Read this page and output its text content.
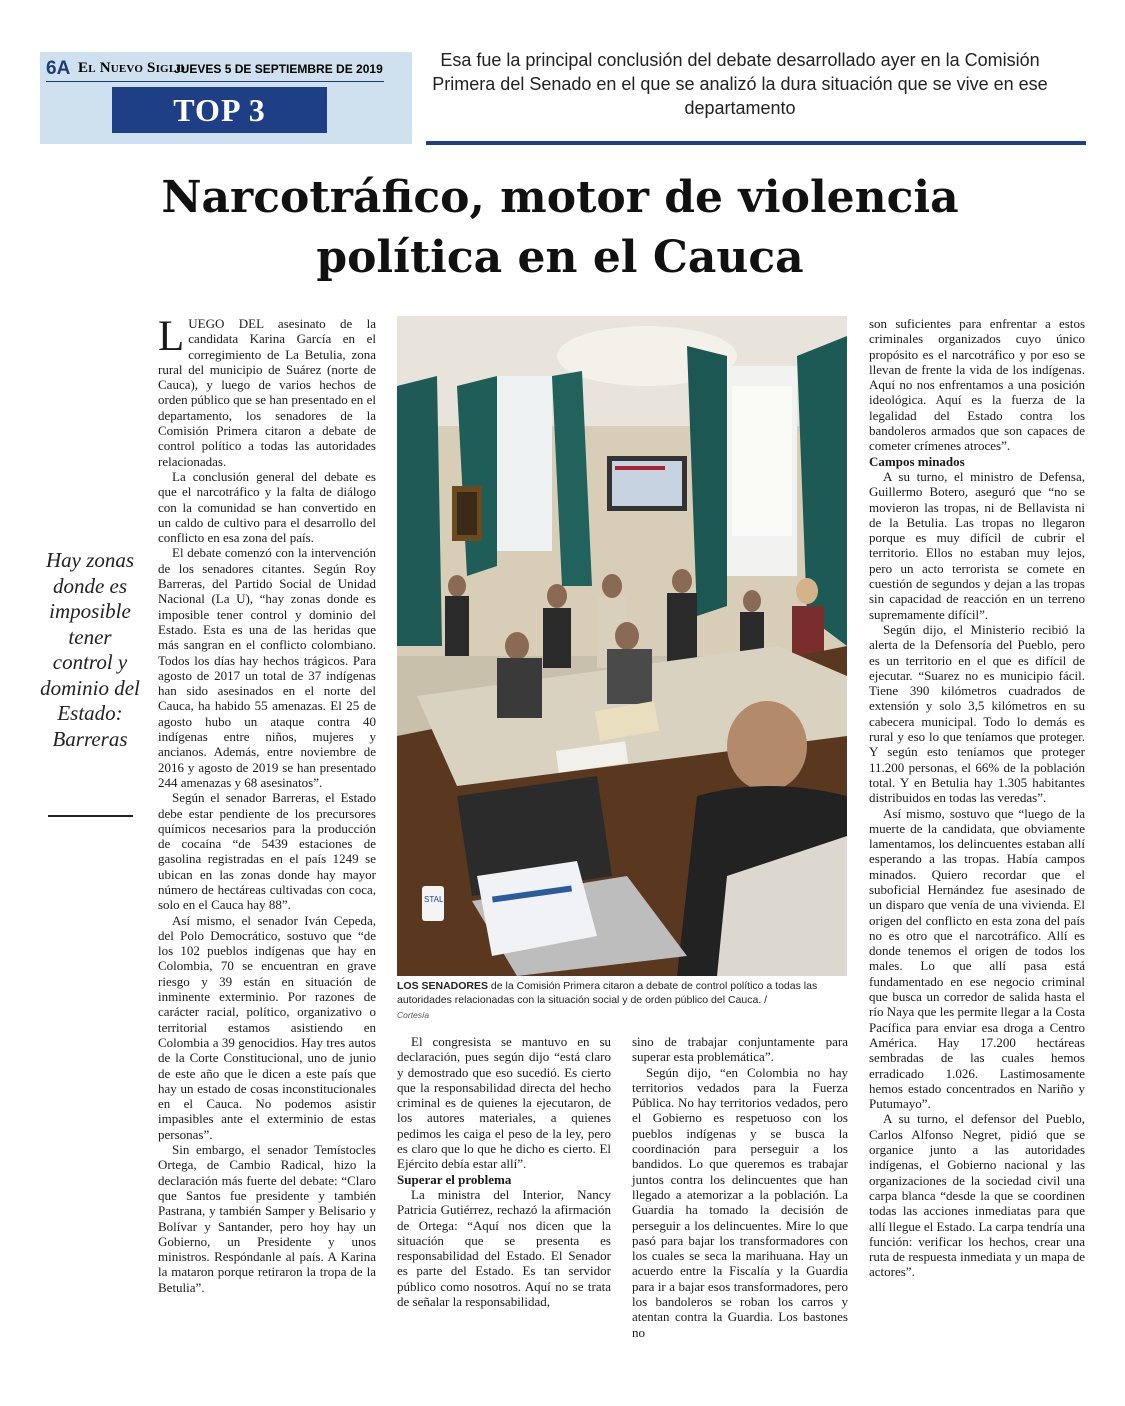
6A El Nuevo Siglo
JUEVES 5 DE SEPTIEMBRE DE 2019
TOP 3
Esa fue la principal conclusión del debate desarrollado ayer en la Comisión Primera del Senado en el que se analizó la dura situación que se vive en ese departamento
Narcotráfico, motor de violencia
política en el Cauca
Hay zonas donde es imposible tener control y dominio del Estado: Barreras

LUEGO DEL asesinato de la candidata Karina García en el corregimiento de La Betulia, zona rural del municipio de Suárez (norte de Cauca), y luego de varios hechos de orden público que se han presentado en el departamento, los senadores de la Comisión Primera citaron a debate de control político a todas las autoridades relacionadas.

La conclusión general del debate es que el narcotráfico y la falta de diálogo con la comunidad se han convertido en un caldo de cultivo para el desarrollo del conflicto en esa zona del país.

El debate comenzó con la intervención de los senadores citantes. Según Roy Barreras, del Partido Social de Unidad Nacional (La U), “hay zonas donde es imposible tener control y dominio del Estado. Esta es una de las heridas que más sangran en el conflicto colombiano. Todos los días hay hechos trágicos. Para agosto de 2017 un total de 37 indígenas han sido asesinados en el norte del Cauca, ha habido 55 amenazas. El 25 de agosto hubo un ataque contra 40 indígenas entre niños, mujeres y ancianos. Además, entre noviembre de 2016 y agosto de 2019 se han presentado 244 amenazas y 68 asesinatos”.

Según el senador Barreras, el Estado debe estar pendiente de los precursores químicos necesarios para la producción de cocaína “de 5439 estaciones de gasolina registradas en el país 1249 se ubican en las zonas donde hay mayor número de hectáreas cultivadas con coca, solo en el Cauca hay 88”.

Así mismo, el senador Iván Cepeda, del Polo Democrático, sostuvo que “de los 102 pueblos indígenas que hay en Colombia, 70 se encuentran en grave riesgo y 39 están en situación de inminente exterminio. Por razones de carácter racial, político, organizativo o territorial estamos asistiendo en Colombia a 39 genocidios. Hay tres autos de la Corte Constitucional, uno de junio de este año que le dicen a este país que hay un estado de cosas inconstitucionales en el Cauca. No podemos asistir impasibles ante el exterminio de estas personas”.

Sin embargo, el senador Temístocles Ortega, de Cambio Radical, hizo la declaración más fuerte del debate: “Claro que Santos fue presidente y también Pastrana, y también Samper y Belisario y Bolívar y Santander, pero hoy hay un Gobierno, un Presidente y unos ministros. Respóndanle al país. A Karina la mataron porque retiraron la tropa de la Betulia”.

STAL
LOS SENADORES de la Comisión Primera citaron a debate de control político a todas las autoridades relacionadas con la situación social y de orden público del Cauca. /
Cortesía

El congresista se mantuvo en su declaración, pues según dijo “está claro y demostrado que eso sucedió. Es cierto que la responsabilidad directa del hecho criminal es de quienes la ejecutaron, de los autores materiales, a quienes pedimos les caiga el peso de la ley, pero es claro que lo que he dicho es cierto. El Ejército debía estar allí”.

Superar el problema

La ministra del Interior, Nancy Patricia Gutiérrez, rechazó la afirmación de Ortega: “Aquí nos dicen que la situación que se presenta es responsabilidad del Estado. El Senador es parte del Estado. Es tan servidor público como nosotros. Aquí no se trata de señalar la responsabilidad,

sino de trabajar conjuntamente para superar esta problemática”.

Según dijo, “en Colombia no hay territorios vedados para la Fuerza Pública. No hay territorios vedados, pero el Gobierno es respetuoso con los pueblos indígenas y se busca la coordinación para perseguir a los bandidos. Lo que queremos es trabajar juntos contra los delincuentes que han llegado a atemorizar a la población. La Guardia ha tomado la decisión de perseguir a los delincuentes. Mire lo que pasó para bajar los transformadores con los cuales se seca la marihuana. Hay un acuerdo entre la Fiscalía y la Guardia para ir a bajar esos transformadores, pero los bandoleros se roban los carros y atentan contra la Guardia. Los bastones no

son suficientes para enfrentar a estos criminales organizados cuyo único propósito es el narcotráfico y por eso se llevan de frente la vida de los indígenas. Aquí no nos enfrentamos a una posición ideológica. Aquí es la fuerza de la legalidad del Estado contra los bandoleros armados que son capaces de cometer crímenes atroces”.

Campos minados

A su turno, el ministro de Defensa, Guillermo Botero, aseguró que “no se movieron las tropas, ni de Bellavista ni de la Betulia. Las tropas no llegaron porque es muy difícil de cubrir el territorio. Ellos no estaban muy lejos, pero un acto terrorista se comete en cuestión de segundos y dejan a las tropas sin capacidad de reacción en un terreno supremamente difícil”.

Según dijo, el Ministerio recibió la alerta de la Defensoría del Pueblo, pero es un territorio en el que es difícil de ejecutar. “Suarez no es municipio fácil. Tiene 390 kilómetros cuadrados de extensión y solo 3,5 kilómetros en su cabecera municipal. Todo lo demás es rural y eso lo que teníamos que proteger. Y según esto teníamos que proteger 11.200 personas, el 66% de la población total. Y en Betulia hay 1.305 habitantes distribuidos en todas las veredas”.

Así mismo, sostuvo que “luego de la muerte de la candidata, que obviamente lamentamos, los delincuentes estaban allí esperando a las tropas. Había campos minados. Quiero recordar que el suboficial Hernández fue asesinado de un disparo que venía de una vivienda. El origen del conflicto en esta zona del país no es otro que el narcotráfico. Allí es donde tenemos el origen de todos los males. Lo que allí pasa está fundamentado en ese negocio criminal que busca un corredor de salida hasta el río Naya que les permite llegar a la Costa Pacífica para enviar esa droga a Centro América. Hay 17.200 hectáreas sembradas de las cuales hemos erradicado 1.026. Lastimosamente hemos estado concentrados en Nariño y Putumayo”.

A su turno, el defensor del Pueblo, Carlos Alfonso Negret, pidió que se organice junto a las autoridades indígenas, el Gobierno nacional y las organizaciones de la sociedad civil una carpa blanca “desde la que se coordinen todas las acciones inmediatas para que allí llegue el Estado. La carpa tendría una función: verificar los hechos, crear una ruta de respuesta inmediata y un mapa de actores”.
